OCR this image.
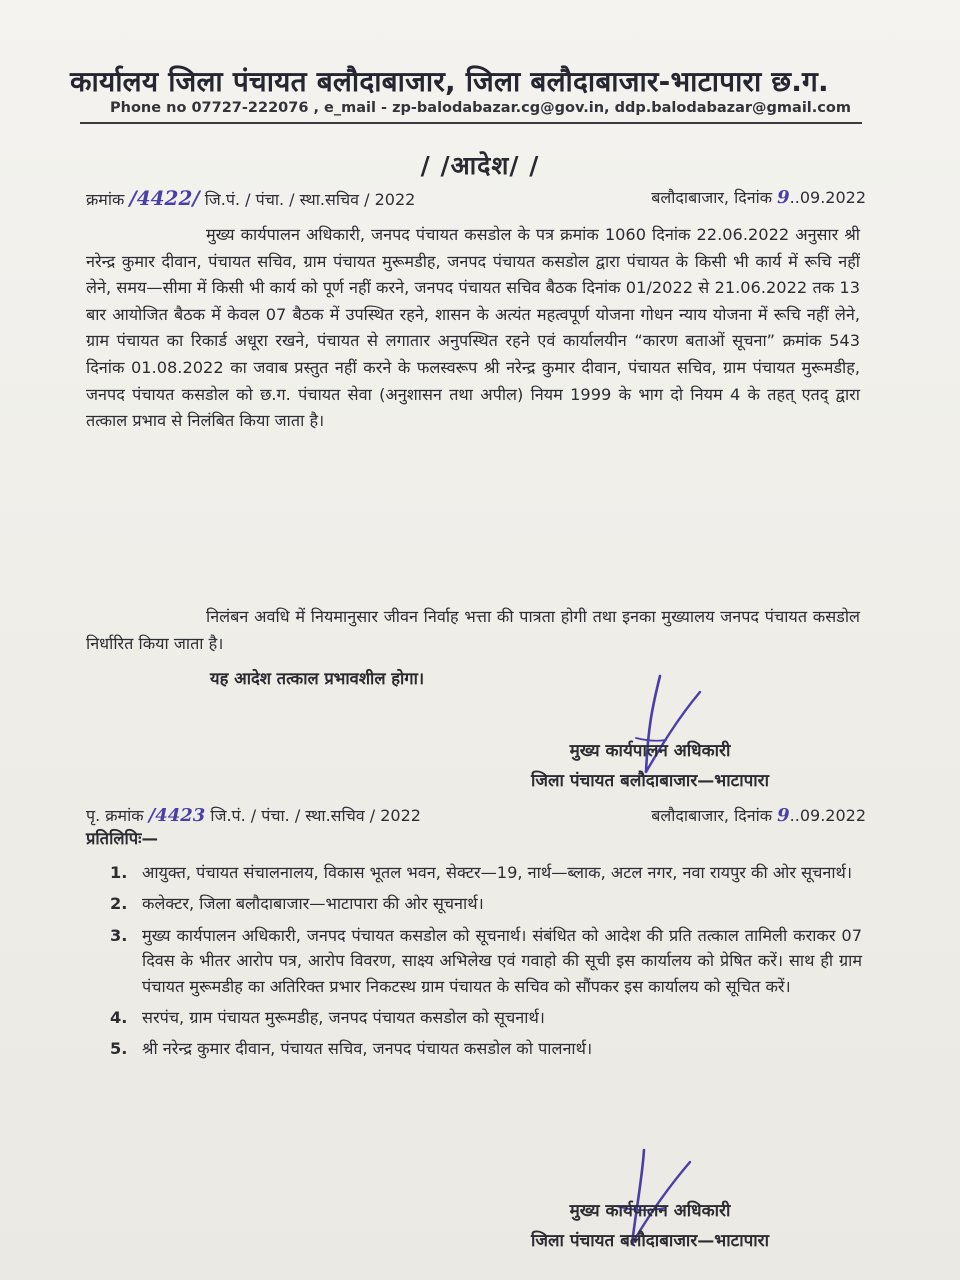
कार्यालय जिला पंचायत बलौदाबाजार, जिला बलौदाबाजार-भाटापारा छ.ग.
Phone no 07727-222076 , e_mail - zp-balodabazar.cg@gov.in, ddp.balodabazar@gmail.com
/ /आदेश/ /
क्रमांक /4422/ जि.पं. / पंचा. / स्था.सचिव / 2022	बलौदाबाजार, दिनांक 9..09.2022
मुख्य कार्यपालन अधिकारी, जनपद पंचायत कसडोल के पत्र क्रमांक 1060 दिनांक 22.06.2022 अनुसार श्री नरेन्द्र कुमार दीवान, पंचायत सचिव, ग्राम पंचायत मुरूमडीह, जनपद पंचायत कसडोल द्वारा पंचायत के किसी भी कार्य में रूचि नहीं लेने, समय—सीमा में किसी भी कार्य को पूर्ण नहीं करने, जनपद पंचायत सचिव बैठक दिनांक 01/2022 से 21.06.2022 तक 13 बार आयोजित बैठक में केवल 07 बैठक में उपस्थित रहने, शासन के अत्यंत महत्वपूर्ण योजना गोधन न्याय योजना में रूचि नहीं लेने, ग्राम पंचायत का रिकार्ड अधूरा रखने, पंचायत से लगातार अनुपस्थित रहने एवं कार्यालयीन “कारण बताओं सूचना” क्रमांक 543 दिनांक 01.08.2022 का जवाब प्रस्तुत नहीं करने के फलस्वरूप श्री नरेन्द्र कुमार दीवान, पंचायत सचिव, ग्राम पंचायत मुरूमडीह, जनपद पंचायत कसडोल को छ.ग. पंचायत सेवा (अनुशासन तथा अपील) नियम 1999 के भाग दो नियम 4 के तहत् एतद् द्वारा तत्काल प्रभाव से निलंबित किया जाता है।
निलंबन अवधि में नियमानुसार जीवन निर्वाह भत्ता की पात्रता होगी तथा इनका मुख्यालय जनपद पंचायत कसडोल निर्धारित किया जाता है।
यह आदेश तत्काल प्रभावशील होगा।
मुख्य कार्यपालन अधिकारी
जिला पंचायत बलौदाबाजार—भाटापारा
पृ. क्रमांक /4423 जि.पं. / पंचा. / स्था.सचिव / 2022	बलौदाबाजार, दिनांक 9..09.2022
प्रतिलिपिः—
1. आयुक्त, पंचायत संचालनालय, विकास भूतल भवन, सेक्टर—19, नार्थ—ब्लाक, अटल नगर, नवा रायपुर की ओर सूचनार्थ।
2. कलेक्टर, जिला बलौदाबाजार—भाटापारा की ओर सूचनार्थ।
3. मुख्य कार्यपालन अधिकारी, जनपद पंचायत कसडोल को सूचनार्थ। संबंधित को आदेश की प्रति तत्काल तामिली कराकर 07 दिवस के भीतर आरोप पत्र, आरोप विवरण, साक्ष्य अभिलेख एवं गवाहो की सूची इस कार्यालय को प्रेषित करें। साथ ही ग्राम पंचायत मुरूमडीह का अतिरिक्त प्रभार निकटस्थ ग्राम पंचायत के सचिव को सौंपकर इस कार्यालय को सूचित करें।
4. सरपंच, ग्राम पंचायत मुरूमडीह, जनपद पंचायत कसडोल को सूचनार्थ।
5. श्री नरेन्द्र कुमार दीवान, पंचायत सचिव, जनपद पंचायत कसडोल को पालनार्थ।
मुख्य कार्यपालन अधिकारी
जिला पंचायत बलौदाबाजार—भाटापारा
